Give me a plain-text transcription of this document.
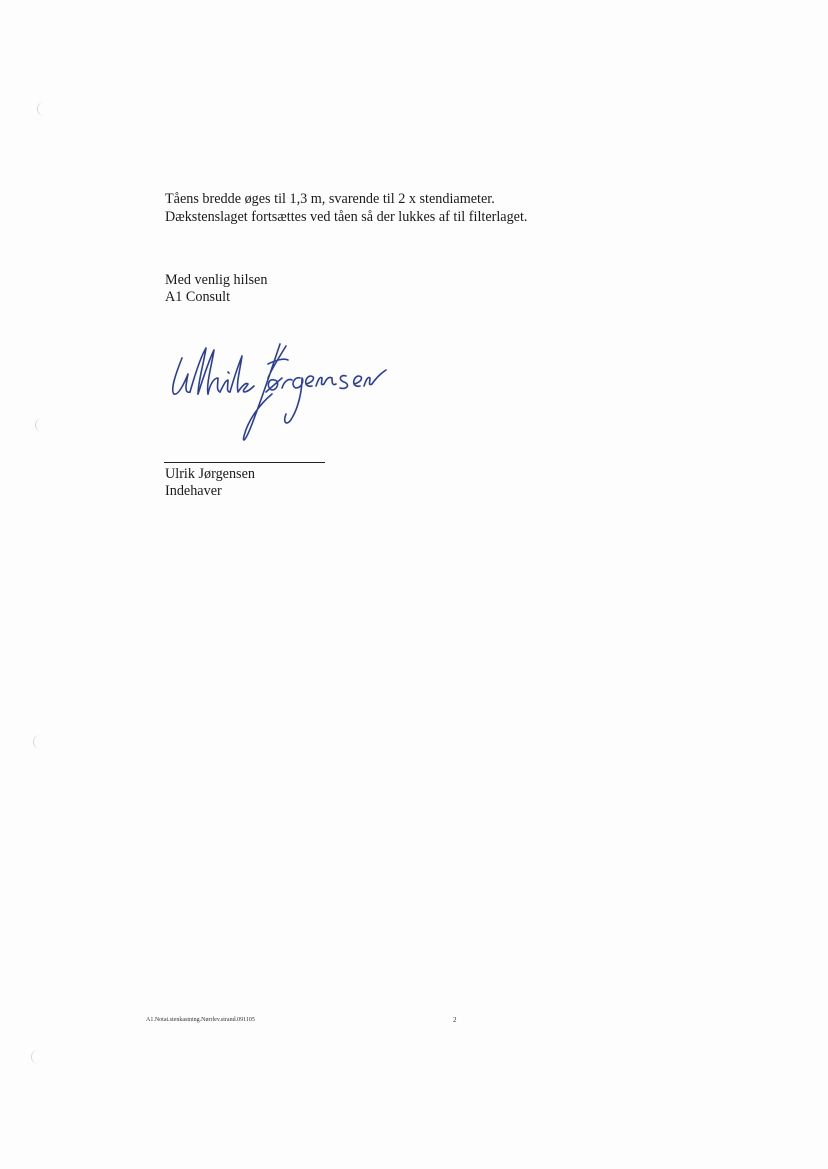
Tåens bredde øges til 1,3 m, svarende til 2 x stendiameter.
Dækstenslaget fortsættes ved tåen så der lukkes af til filterlaget.
Med venlig hilsen
A1 Consult
Ulrik Jørgensen
Indehaver
A1.Notat.stenkastning.Nørrlev.strand.091105	2
